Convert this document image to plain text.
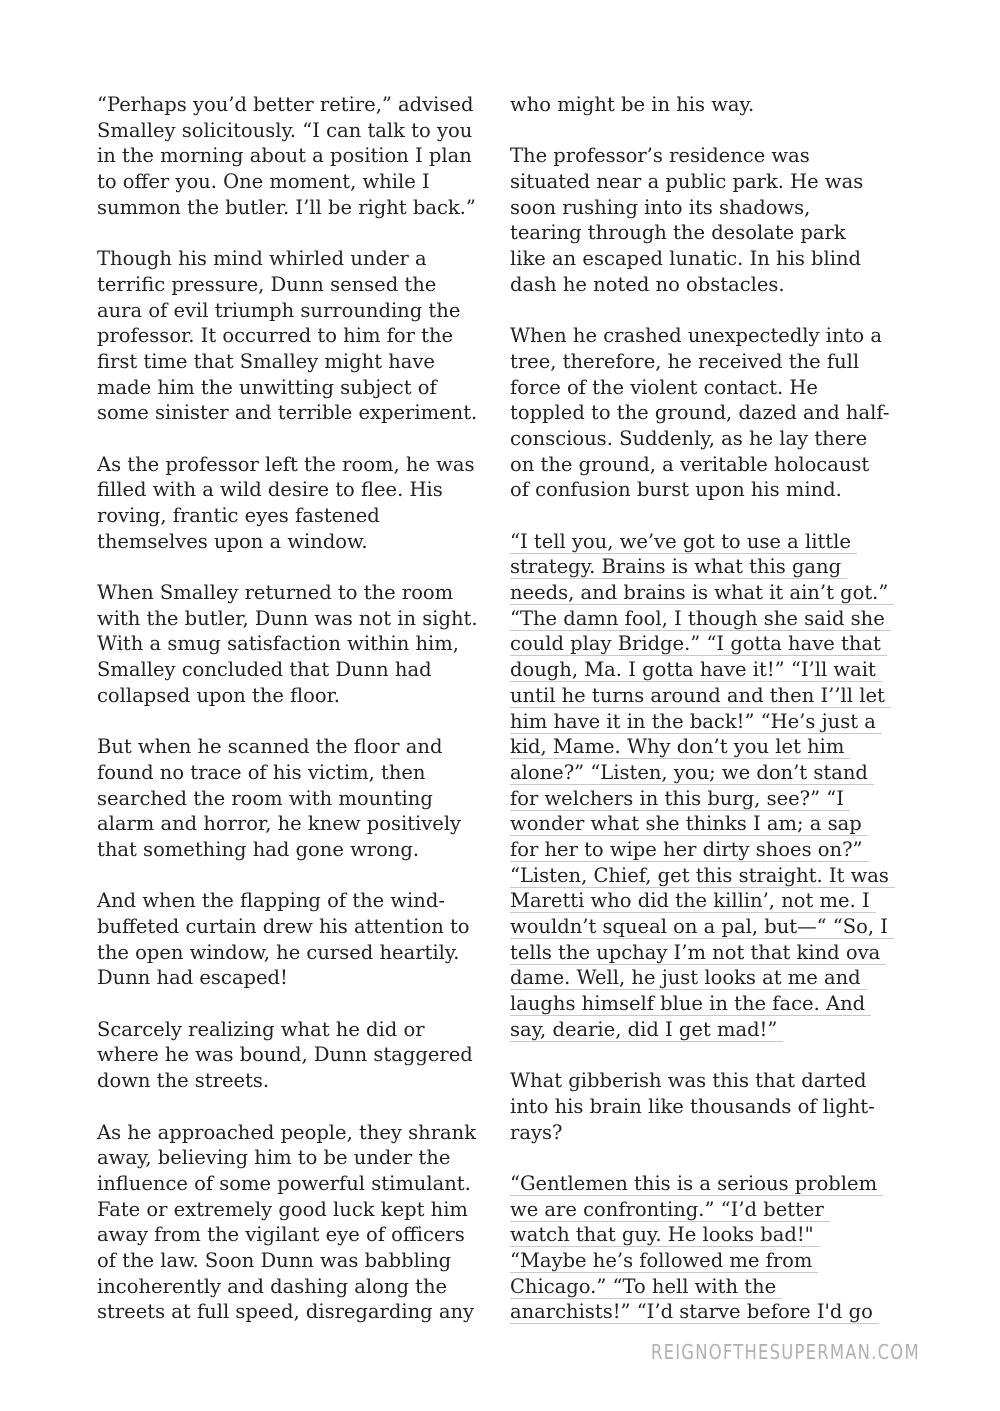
“Perhaps you’d better retire,” advised
Smalley solicitously. “I can talk to you
in the morning about a position I plan
to offer you. One moment, while I
summon the butler. I’ll be right back.”
Though his mind whirled under a
terrific pressure, Dunn sensed the
aura of evil triumph surrounding the
professor. It occurred to him for the
first time that Smalley might have
made him the unwitting subject of
some sinister and terrible experiment.
As the professor left the room, he was
filled with a wild desire to flee. His
roving, frantic eyes fastened
themselves upon a window.
When Smalley returned to the room
with the butler, Dunn was not in sight.
With a smug satisfaction within him,
Smalley concluded that Dunn had
collapsed upon the floor.
But when he scanned the floor and
found no trace of his victim, then
searched the room with mounting
alarm and horror, he knew positively
that something had gone wrong.
And when the flapping of the wind-
buffeted curtain drew his attention to
the open window, he cursed heartily.
Dunn had escaped!
Scarcely realizing what he did or
where he was bound, Dunn staggered
down the streets.
As he approached people, they shrank
away, believing him to be under the
influence of some powerful stimulant.
Fate or extremely good luck kept him
away from the vigilant eye of officers
of the law. Soon Dunn was babbling
incoherently and dashing along the
streets at full speed, disregarding any
who might be in his way.
The professor’s residence was
situated near a public park. He was
soon rushing into its shadows,
tearing through the desolate park
like an escaped lunatic. In his blind
dash he noted no obstacles.
When he crashed unexpectedly into a
tree, therefore, he received the full
force of the violent contact. He
toppled to the ground, dazed and half-
conscious. Suddenly, as he lay there
on the ground, a veritable holocaust
of confusion burst upon his mind.
“I tell you, we’ve got to use a little
strategy. Brains is what this gang
needs, and brains is what it ain’t got.”
“The damn fool, I though she said she
could play Bridge.” “I gotta have that
dough, Ma. I gotta have it!” “I’ll wait
until he turns around and then I’’ll let
him have it in the back!” “He’s just a
kid, Mame. Why don’t you let him
alone?” “Listen, you; we don’t stand
for welchers in this burg, see?” “I
wonder what she thinks I am; a sap
for her to wipe her dirty shoes on?”
“Listen, Chief, get this straight. It was
Maretti who did the killin’, not me. I
wouldn’t squeal on a pal, but—“ “So, I
tells the upchay I’m not that kind ova
dame. Well, he just looks at me and
laughs himself blue in the face. And
say, dearie, did I get mad!”
What gibberish was this that darted
into his brain like thousands of light-
rays?
“Gentlemen this is a serious problem
we are confronting.” “I’d better
watch that guy. He looks bad!"
“Maybe he’s followed me from
Chicago.” “To hell with the
anarchists!” “I’d starve before I'd go
REIGNOFTHESUPERMAN.COM
